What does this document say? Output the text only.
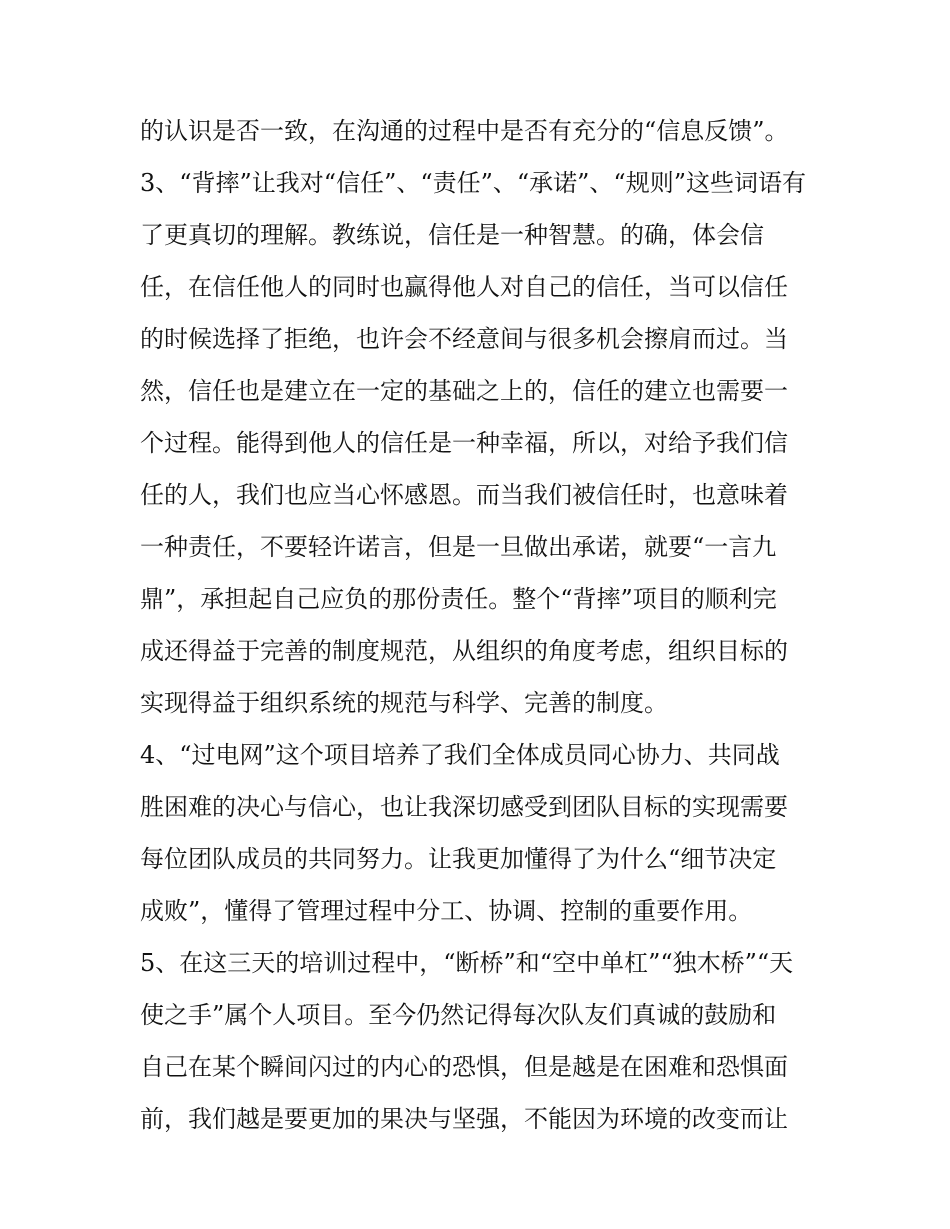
的认识是否一致，在沟通的过程中是否有充分的“信息反馈”。
3、“背摔”让我对“信任”、“责任”、“承诺”、“规则”这些词语有
了更真切的理解。教练说，信任是一种智慧。的确，体会信
任，在信任他人的同时也赢得他人对自己的信任，当可以信任
的时候选择了拒绝，也许会不经意间与很多机会擦肩而过。当
然，信任也是建立在一定的基础之上的，信任的建立也需要一
个过程。能得到他人的信任是一种幸福，所以，对给予我们信
任的人，我们也应当心怀感恩。而当我们被信任时，也意味着
一种责任，不要轻许诺言，但是一旦做出承诺，就要“一言九
鼎”，承担起自己应负的那份责任。整个“背摔”项目的顺利完
成还得益于完善的制度规范，从组织的角度考虑，组织目标的
实现得益于组织系统的规范与科学、完善的制度。
4、“过电网”这个项目培养了我们全体成员同心协力、共同战
胜困难的决心与信心，也让我深切感受到团队目标的实现需要
每位团队成员的共同努力。让我更加懂得了为什么“细节决定
成败”，懂得了管理过程中分工、协调、控制的重要作用。
5、在这三天的培训过程中，“断桥”和“空中单杠”“独木桥”“天
使之手”属个人项目。至今仍然记得每次队友们真诚的鼓励和
自己在某个瞬间闪过的内心的恐惧，但是越是在困难和恐惧面
前，我们越是要更加的果决与坚强，不能因为环境的改变而让
